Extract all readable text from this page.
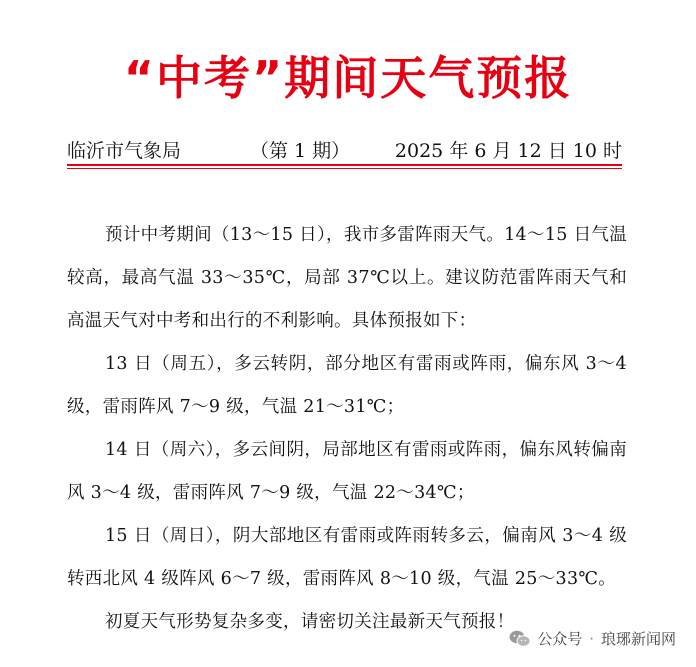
“中考”期间天气预报
临沂市气象局	（第 1 期） 2025 年 6 月 12 日 10 时

预计中考期间（13～15 日），我市多雷阵雨天气。14～15 日气温较高，最高气温 33～35℃，局部 37℃以上。建议防范雷阵雨天气和高温天气对中考和出行的不利影响。具体预报如下：

13 日（周五），多云转阴，部分地区有雷雨或阵雨，偏东风 3～4 级，雷雨阵风 7～9 级，气温 21～31℃；

14 日（周六），多云间阴，局部地区有雷雨或阵雨，偏东风转偏南风 3～4 级，雷雨阵风 7～9 级，气温 22～34℃；

15 日（周日），阴大部地区有雷雨或阵雨转多云，偏南风 3～4 级转西北风 4 级阵风 6～7 级，雷雨阵风 8～10 级，气温 25～33℃。

初夏天气形势复杂多变，请密切关注最新天气预报！

公众号 · 琅琊新闻网
